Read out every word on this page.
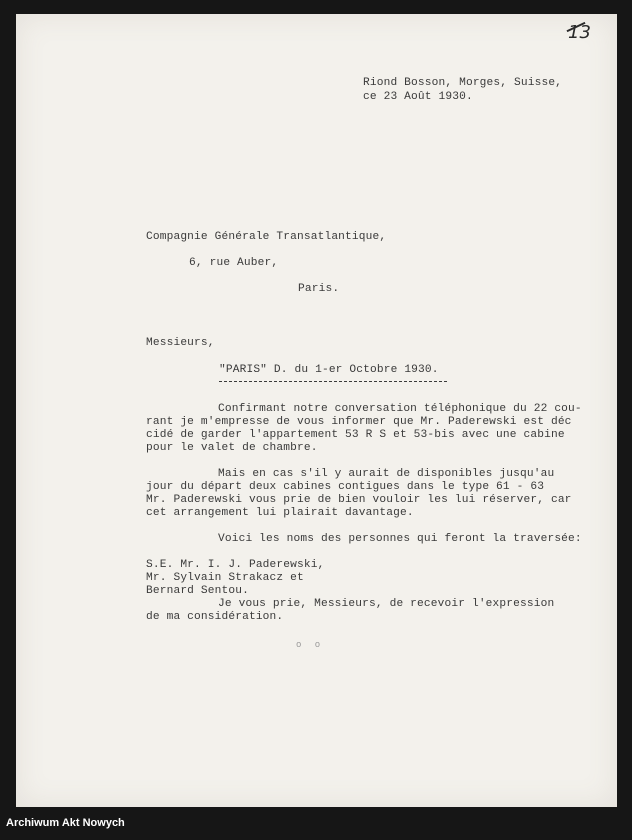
13
Riond Bosson, Morges, Suisse,
ce 23 Août 1930.
Compagnie Générale Transatlantique,
6, rue Auber,
Paris.
Messieurs,
"PARIS" D. du 1-er Octobre 1930.
Confirmant notre conversation téléphonique du 22 cou-
rant je m'empresse de vous informer que Mr. Paderewski est déc
cidé de garder l'appartement 53 R S et 53-bis avec une cabine
pour le valet de chambre.
Mais en cas s'il y aurait de disponibles jusqu'au
jour du départ deux cabines contigues dans le type 61 - 63
Mr. Paderewski vous prie de bien vouloir les lui réserver, car
cet arrangement lui plairait davantage.
Voici les noms des personnes qui feront la traversée:
S.E. Mr. I. J. Paderewski,
Mr. Sylvain Strakacz et
Bernard Sentou.
Je vous prie, Messieurs, de recevoir l'expression
de ma considération.
o o
Archiwum Akt Nowych
